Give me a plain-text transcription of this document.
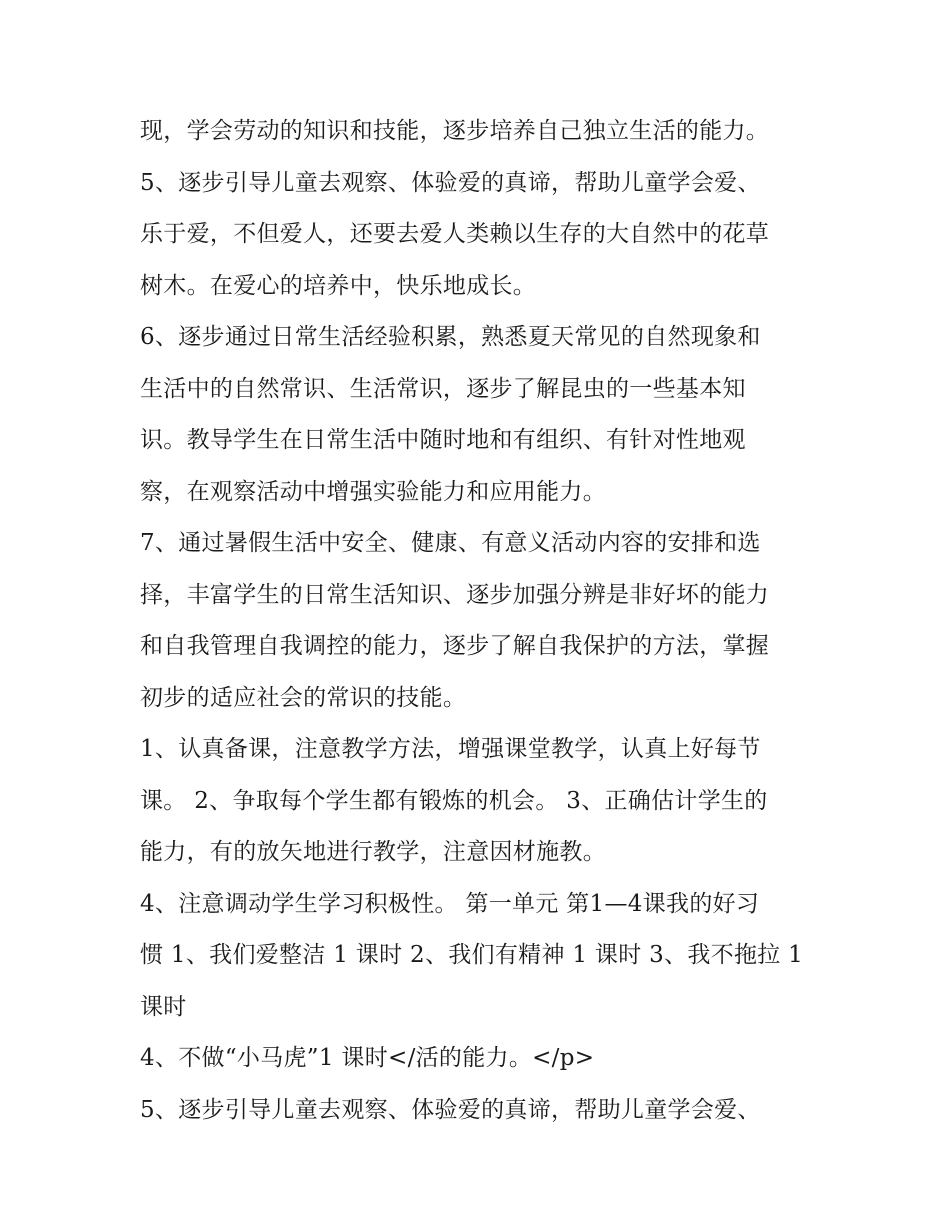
现，学会劳动的知识和技能，逐步培养自己独立生活的能力。
5、逐步引导儿童去观察、体验爱的真谛，帮助儿童学会爱、
乐于爱，不但爱人，还要去爱人类赖以生存的大自然中的花草
树木。在爱心的培养中，快乐地成长。
6、逐步通过日常生活经验积累，熟悉夏天常见的自然现象和
生活中的自然常识、生活常识，逐步了解昆虫的一些基本知
识。教导学生在日常生活中随时地和有组织、有针对性地观
察，在观察活动中增强实验能力和应用能力。
7、通过暑假生活中安全、健康、有意义活动内容的安排和选
择，丰富学生的日常生活知识、逐步加强分辨是非好坏的能力
和自我管理自我调控的能力，逐步了解自我保护的方法，掌握
初步的适应社会的常识的技能。
1、认真备课，注意教学方法，增强课堂教学，认真上好每节
课。 2、争取每个学生都有锻炼的机会。 3、正确估计学生的
能力，有的放矢地进行教学，注意因材施教。
4、注意调动学生学习积极性。 第一单元 第1—4课我的好习
惯 1、我们爱整洁 1 课时 2、我们有精神 1 课时 3、我不拖拉 1
课时
4、不做“小马虎”1 课时</活的能力。</p>
5、逐步引导儿童去观察、体验爱的真谛，帮助儿童学会爱、
